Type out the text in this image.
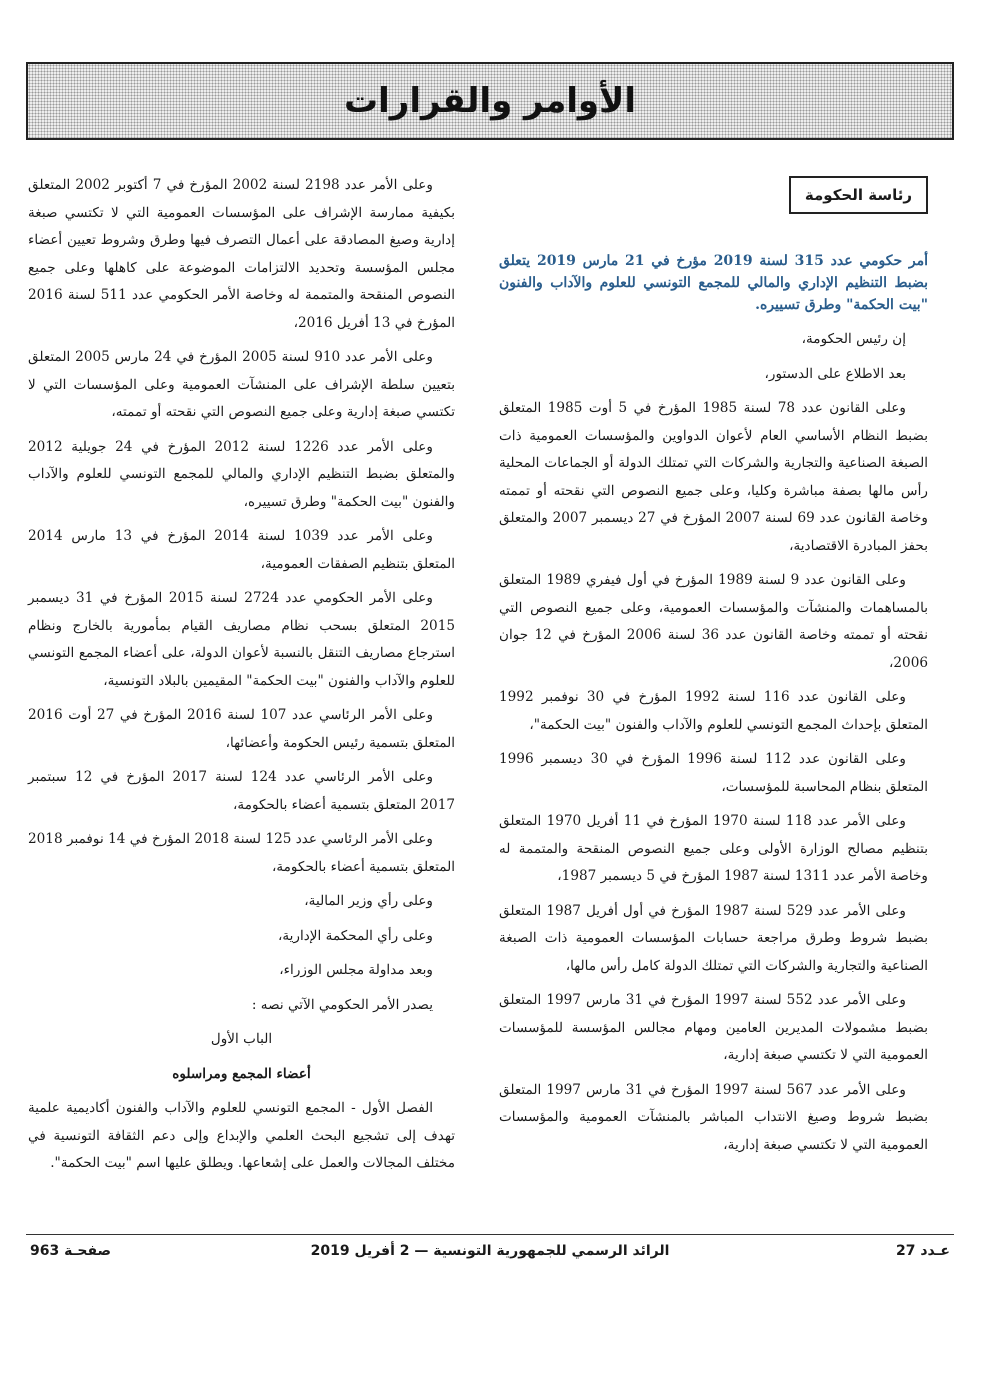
الأوامر والقرارات
رئاسة الحكومة

أمر حكومي عدد 315 لسنة 2019 مؤرخ في 21 مارس 2019 يتعلق بضبط التنظيم الإداري والمالي للمجمع التونسي للعلوم والآداب والفنون "بيت الحكمة" وطرق تسييره.

إن رئيس الحكومة،

بعد الاطلاع على الدستور،

وعلى القانون عدد 78 لسنة 1985 المؤرخ في 5 أوت 1985 المتعلق بضبط النظام الأساسي العام لأعوان الدواوين والمؤسسات العمومية ذات الصبغة الصناعية والتجارية والشركات التي تمتلك الدولة أو الجماعات المحلية رأس مالها بصفة مباشرة وكليا، وعلى جميع النصوص التي نقحته أو تممته وخاصة القانون عدد 69 لسنة 2007 المؤرخ في 27 ديسمبر 2007 والمتعلق بحفز المبادرة الاقتصادية،

وعلى القانون عدد 9 لسنة 1989 المؤرخ في أول فيفري 1989 المتعلق بالمساهمات والمنشآت والمؤسسات العمومية، وعلى جميع النصوص التي نقحته أو تممته وخاصة القانون عدد 36 لسنة 2006 المؤرخ في 12 جوان 2006،

وعلى القانون عدد 116 لسنة 1992 المؤرخ في 30 نوفمبر 1992 المتعلق بإحداث المجمع التونسي للعلوم والآداب والفنون "بيت الحكمة"،

وعلى القانون عدد 112 لسنة 1996 المؤرخ في 30 ديسمبر 1996 المتعلق بنظام المحاسبة للمؤسسات،

وعلى الأمر عدد 118 لسنة 1970 المؤرخ في 11 أفريل 1970 المتعلق بتنظيم مصالح الوزارة الأولى وعلى جميع النصوص المنقحة والمتممة له وخاصة الأمر عدد 1311 لسنة 1987 المؤرخ في 5 ديسمبر 1987،

وعلى الأمر عدد 529 لسنة 1987 المؤرخ في أول أفريل 1987 المتعلق بضبط شروط وطرق مراجعة حسابات المؤسسات العمومية ذات الصبغة الصناعية والتجارية والشركات التي تمتلك الدولة كامل رأس مالها،

وعلى الأمر عدد 552 لسنة 1997 المؤرخ في 31 مارس 1997 المتعلق بضبط مشمولات المديرين العامين ومهام مجالس المؤسسة للمؤسسات العمومية التي لا تكتسي صبغة إدارية،

وعلى الأمر عدد 567 لسنة 1997 المؤرخ في 31 مارس 1997 المتعلق بضبط شروط وصيغ الانتداب المباشر بالمنشآت العمومية والمؤسسات العمومية التي لا تكتسي صبغة إدارية،

وعلى الأمر عدد 2198 لسنة 2002 المؤرخ في 7 أكتوبر 2002 المتعلق بكيفية ممارسة الإشراف على المؤسسات العمومية التي لا تكتسي صبغة إدارية وصيغ المصادقة على أعمال التصرف فيها وطرق وشروط تعيين أعضاء مجلس المؤسسة وتحديد الالتزامات الموضوعة على كاهلها وعلى جميع النصوص المنقحة والمتممة له وخاصة الأمر الحكومي عدد 511 لسنة 2016 المؤرخ في 13 أفريل 2016،

وعلى الأمر عدد 910 لسنة 2005 المؤرخ في 24 مارس 2005 المتعلق بتعيين سلطة الإشراف على المنشآت العمومية وعلى المؤسسات التي لا تكتسي صبغة إدارية وعلى جميع النصوص التي نقحته أو تممته،

وعلى الأمر عدد 1226 لسنة 2012 المؤرخ في 24 جويلية 2012 والمتعلق بضبط التنظيم الإداري والمالي للمجمع التونسي للعلوم والآداب والفنون "بيت الحكمة" وطرق تسييره،

وعلى الأمر عدد 1039 لسنة 2014 المؤرخ في 13 مارس 2014 المتعلق بتنظيم الصفقات العمومية،

وعلى الأمر الحكومي عدد 2724 لسنة 2015 المؤرخ في 31 ديسمبر 2015 المتعلق بسحب نظام مصاريف القيام بمأمورية بالخارج ونظام استرجاع مصاريف التنقل بالنسبة لأعوان الدولة، على أعضاء المجمع التونسي للعلوم والآداب والفنون "بيت الحكمة" المقيمين بالبلاد التونسية،

وعلى الأمر الرئاسي عدد 107 لسنة 2016 المؤرخ في 27 أوت 2016 المتعلق بتسمية رئيس الحكومة وأعضائها،

وعلى الأمر الرئاسي عدد 124 لسنة 2017 المؤرخ في 12 سبتمبر 2017 المتعلق بتسمية أعضاء بالحكومة،

وعلى الأمر الرئاسي عدد 125 لسنة 2018 المؤرخ في 14 نوفمبر 2018 المتعلق بتسمية أعضاء بالحكومة،

وعلى رأي وزير المالية،

وعلى رأي المحكمة الإدارية،

وبعد مداولة مجلس الوزراء،

يصدر الأمر الحكومي الآتي نصه :

الباب الأول

أعضاء المجمع ومراسلوه

الفصل الأول - المجمع التونسي للعلوم والآداب والفنون أكاديمية علمية تهدف إلى تشجيع البحث العلمي والإبداع وإلى دعم الثقافة التونسية في مختلف المجالات والعمل على إشعاعها. ويطلق عليها اسم "بيت الحكمة".

عـدد 27
الرائد الرسمي للجمهورية التونسية — 2 أفريل 2019
صفحـة 963
